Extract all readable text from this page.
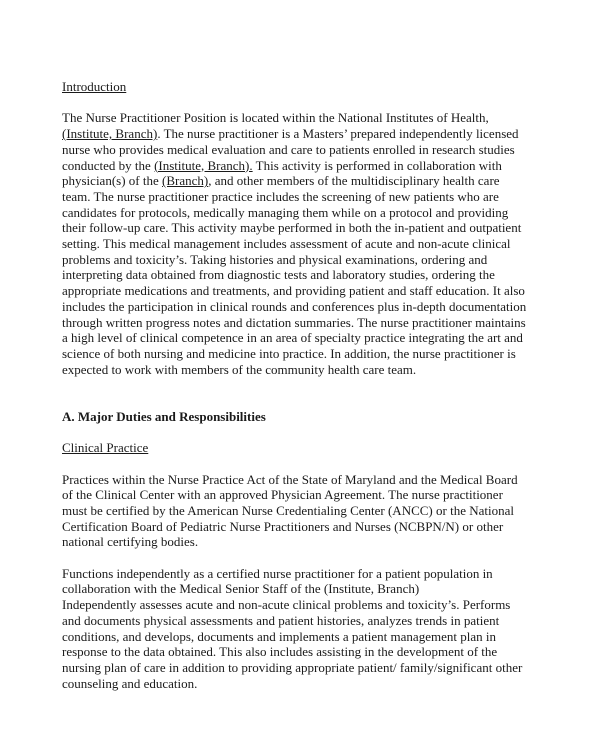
Introduction
The Nurse Practitioner Position is located within the National Institutes of Health,
(Institute, Branch). The nurse practitioner is a Masters’ prepared independently licensed
nurse who provides medical evaluation and care to patients enrolled in research studies
conducted by the (Institute, Branch). This activity is performed in collaboration with
physician(s) of the (Branch), and other members of the multidisciplinary health care
team. The nurse practitioner practice includes the screening of new patients who are
candidates for protocols, medically managing them while on a protocol and providing
their follow-up care. This activity maybe performed in both the in-patient and outpatient
setting. This medical management includes assessment of acute and non-acute clinical
problems and toxicity’s. Taking histories and physical examinations, ordering and
interpreting data obtained from diagnostic tests and laboratory studies, ordering the
appropriate medications and treatments, and providing patient and staff education. It also
includes the participation in clinical rounds and conferences plus in-depth documentation
through written progress notes and dictation summaries. The nurse practitioner maintains
a high level of clinical competence in an area of specialty practice integrating the art and
science of both nursing and medicine into practice. In addition, the nurse practitioner is
expected to work with members of the community health care team.
A. Major Duties and Responsibilities
Clinical Practice
Practices within the Nurse Practice Act of the State of Maryland and the Medical Board
of the Clinical Center with an approved Physician Agreement. The nurse practitioner
must be certified by the American Nurse Credentialing Center (ANCC) or the National
Certification Board of Pediatric Nurse Practitioners and Nurses (NCBPN/N) or other
national certifying bodies.
Functions independently as a certified nurse practitioner for a patient population in
collaboration with the Medical Senior Staff of the (Institute, Branch)
Independently assesses acute and non-acute clinical problems and toxicity’s. Performs
and documents physical assessments and patient histories, analyzes trends in patient
conditions, and develops, documents and implements a patient management plan in
response to the data obtained. This also includes assisting in the development of the
nursing plan of care in addition to providing appropriate patient/ family/significant other
counseling and education.
